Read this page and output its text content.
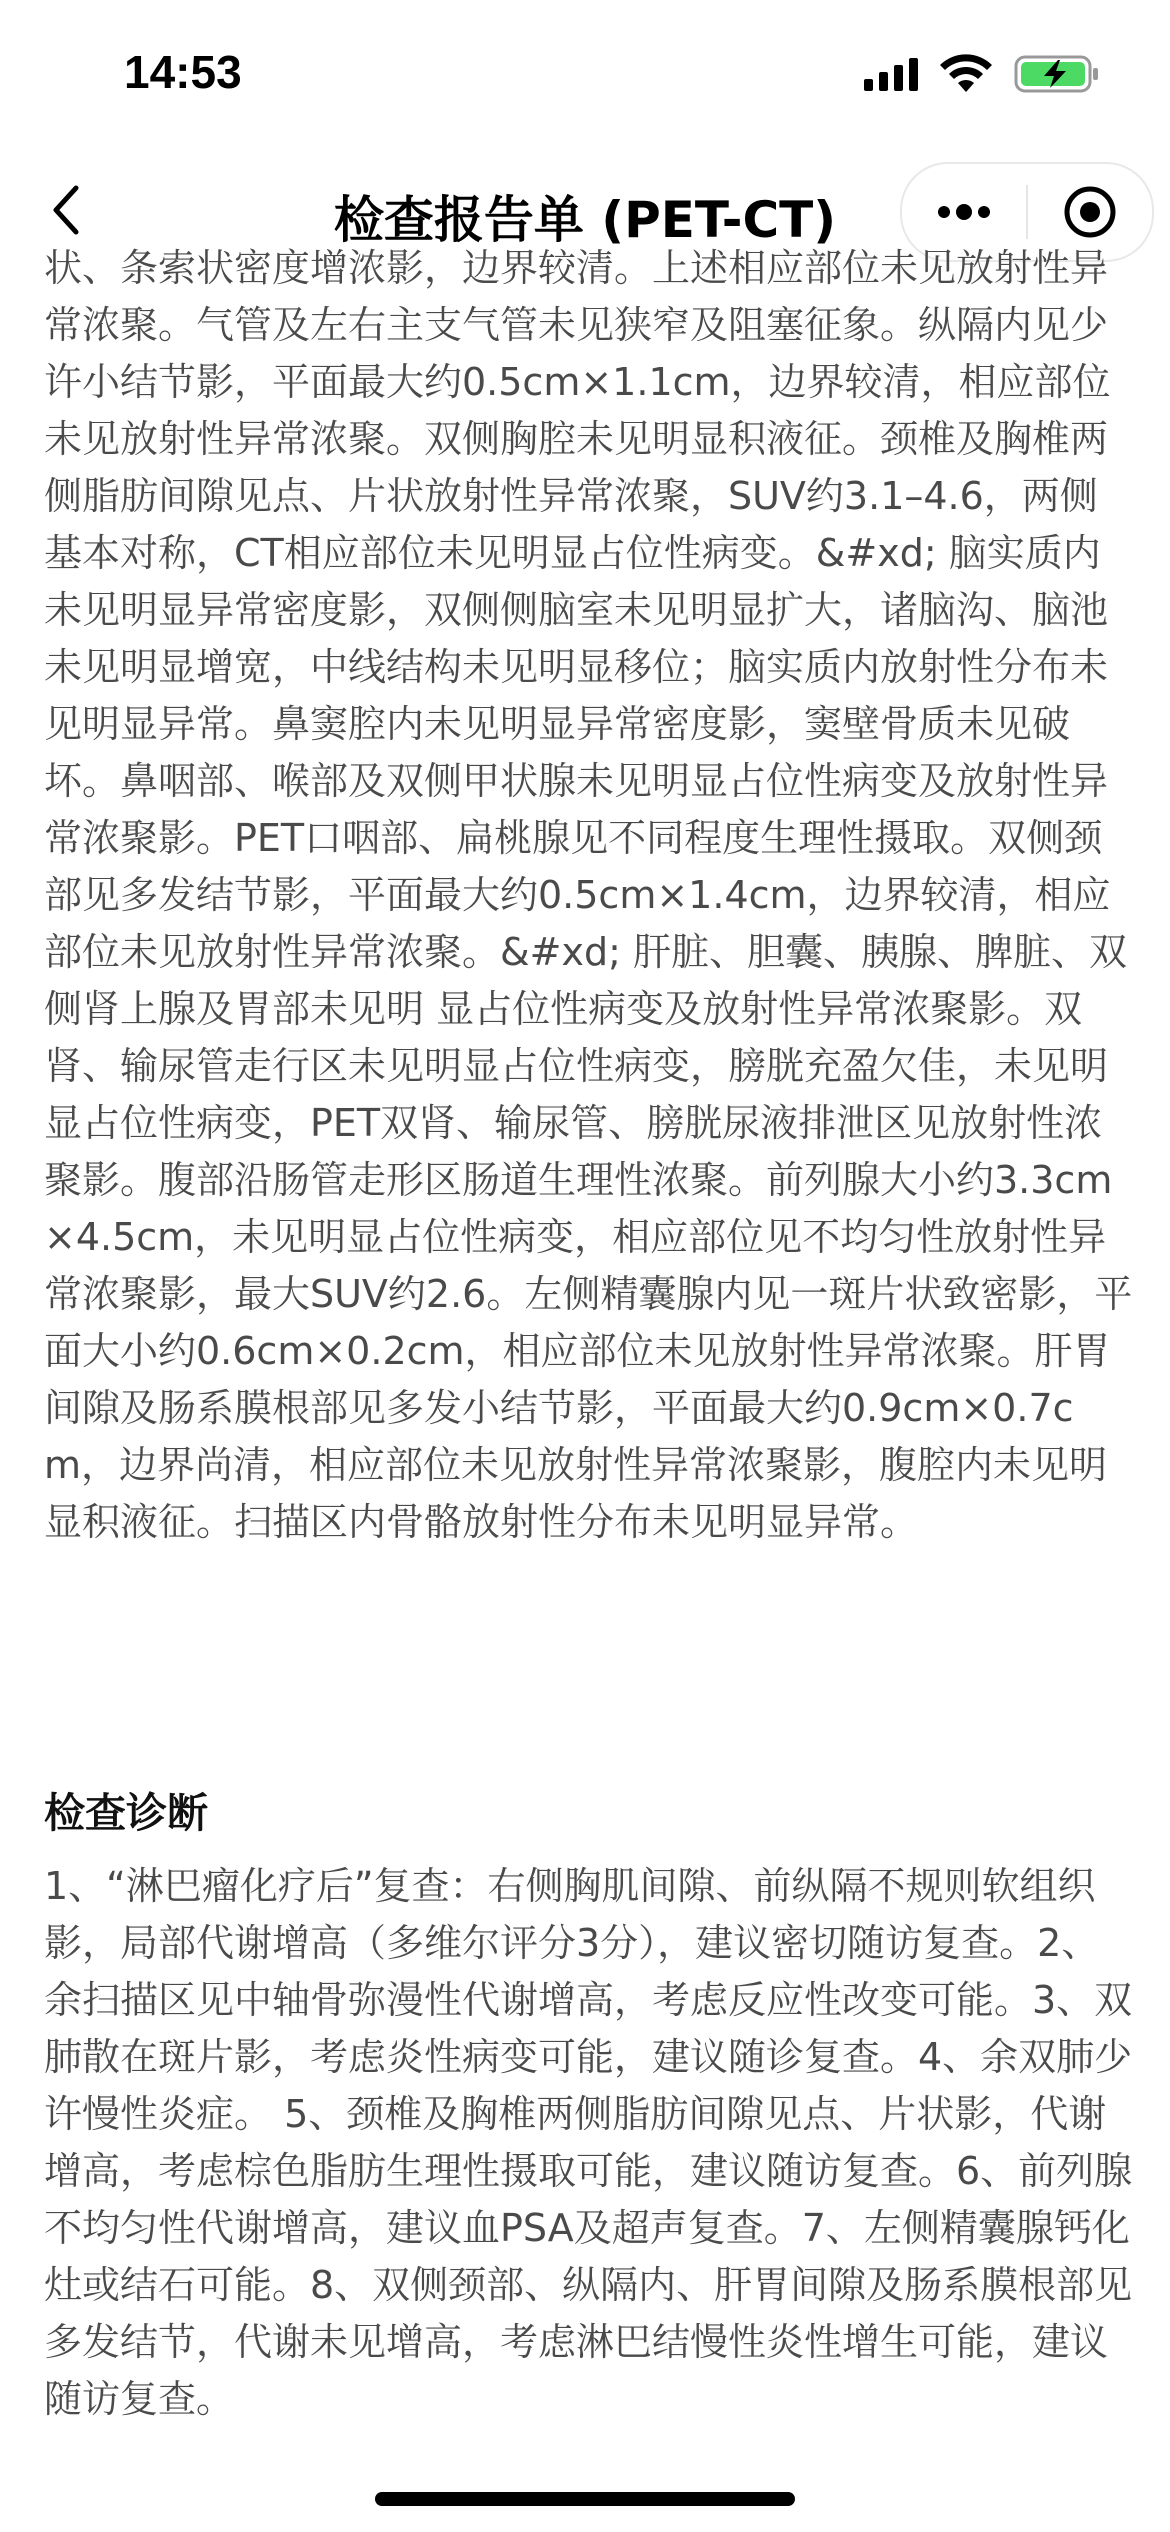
14:53
检查报告单 (PET-CT)

状、条索状密度增浓影，边界较清。上述相应部位未见放射性异常浓聚。气管及左右主支气管未见狭窄及阻塞征象。纵隔内见少许小结节影，平面最大约0.5cm×1.1cm，边界较清，相应部位未见放射性异常浓聚。双侧胸腔未见明显积液征。颈椎及胸椎两侧脂肪间隙见点、片状放射性异常浓聚，SUV约3.1–4.6，两侧基本对称，CT相应部位未见明显占位性病变。&#xd; 脑实质内未见明显异常密度影，双侧侧脑室未见明显扩大，诸脑沟、脑池未见明显增宽，中线结构未见明显移位；脑实质内放射性分布未见明显异常。鼻窦腔内未见明显异常密度影，窦壁骨质未见破坏。鼻咽部、喉部及双侧甲状腺未见明显占位性病变及放射性异常浓聚影。PET口咽部、扁桃腺见不同程度生理性摄取。双侧颈部见多发结节影，平面最大约0.5cm×1.4cm，边界较清，相应部位未见放射性异常浓聚。&#xd; 肝脏、胆囊、胰腺、脾脏、双侧肾上腺及胃部未见明 显占位性病变及放射性异常浓聚影。双肾、输尿管走行区未见明显占位性病变，膀胱充盈欠佳，未见明显占位性病变，PET双肾、输尿管、膀胱尿液排泄区见放射性浓聚影。腹部沿肠管走形区肠道生理性浓聚。前列腺大小约3.3cm×4.5cm，未见明显占位性病变，相应部位见不均匀性放射性异常浓聚影，最大SUV约2.6。左侧精囊腺内见一斑片状致密影，平面大小约0.6cm×0.2cm，相应部位未见放射性异常浓聚。肝胃间隙及肠系膜根部见多发小结节影，平面最大约0.9cm×0.7cm，边界尚清，相应部位未见放射性异常浓聚影，腹腔内未见明显积液征。扫描区内骨骼放射性分布未见明显异常。

检查诊断

1、“淋巴瘤化疗后”复查：右侧胸肌间隙、前纵隔不规则软组织影，局部代谢增高（多维尔评分3分），建议密切随访复查。2、余扫描区见中轴骨弥漫性代谢增高，考虑反应性改变可能。3、双肺散在斑片影，考虑炎性病变可能，建议随诊复查。4、余双肺少许慢性炎症。 5、颈椎及胸椎两侧脂肪间隙见点、片状影，代谢增高，考虑棕色脂肪生理性摄取可能，建议随访复查。6、前列腺不均匀性代谢增高，建议血PSA及超声复查。7、左侧精囊腺钙化灶或结石可能。8、双侧颈部、纵隔内、肝胃间隙及肠系膜根部见多发结节，代谢未见增高，考虑淋巴结慢性炎性增生可能，建议随访复查。
